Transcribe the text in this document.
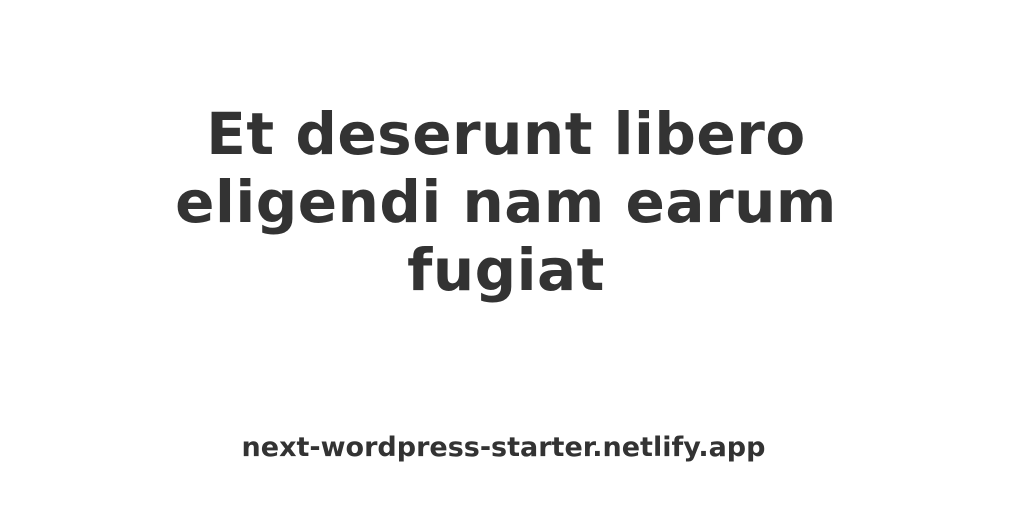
Et deserunt libero eligendi nam earum fugiat

next-wordpress-starter.netlify.app
